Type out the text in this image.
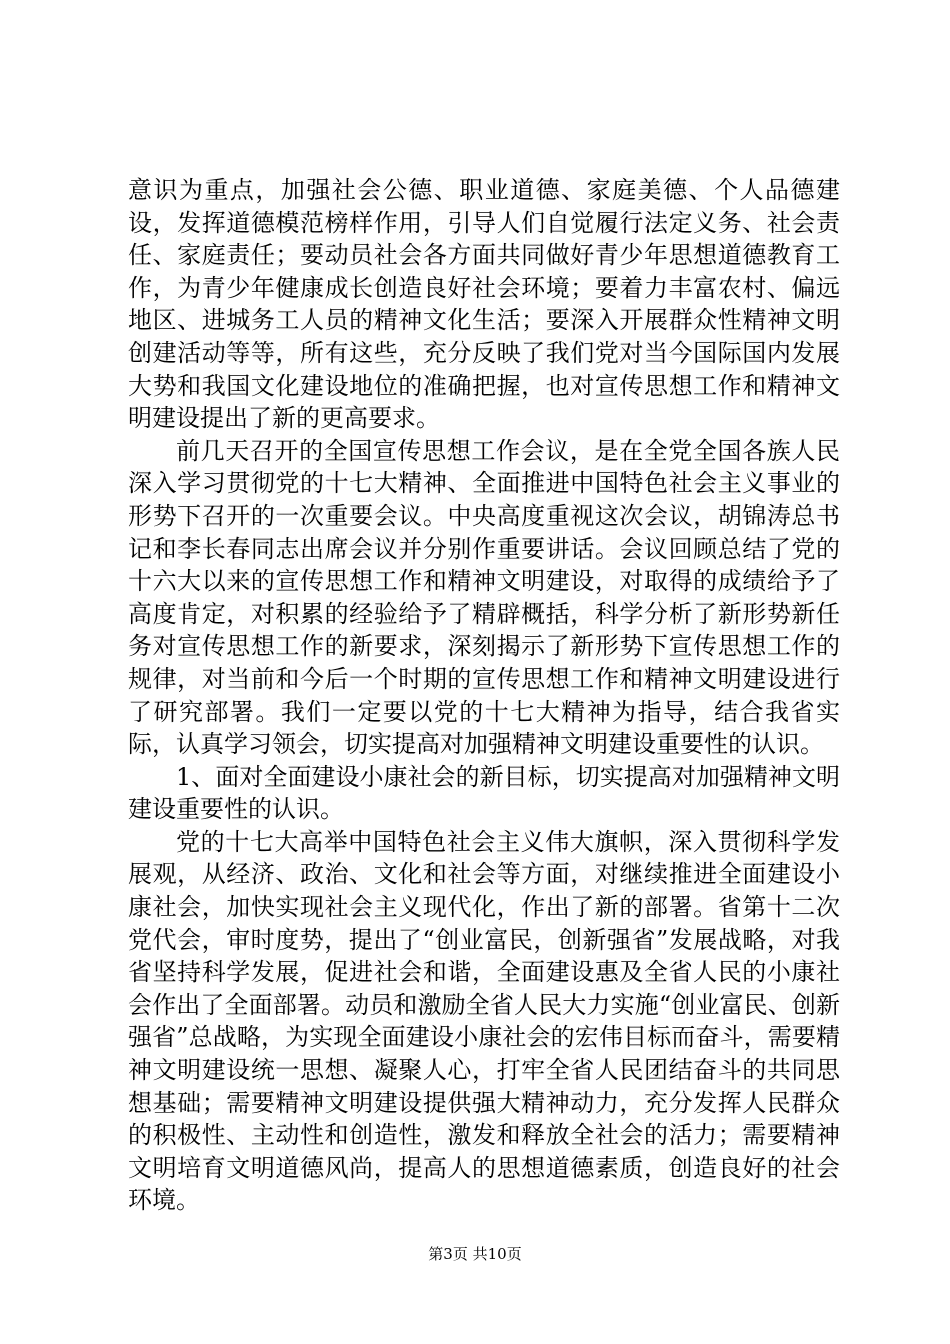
意识为重点，加强社会公德、职业道德、家庭美德、个人品德建设，发挥道德模范榜样作用，引导人们自觉履行法定义务、社会责任、家庭责任；要动员社会各方面共同做好青少年思想道德教育工作，为青少年健康成长创造良好社会环境；要着力丰富农村、偏远地区、进城务工人员的精神文化生活；要深入开展群众性精神文明创建活动等等，所有这些，充分反映了我们党对当今国际国内发展大势和我国文化建设地位的准确把握，也对宣传思想工作和精神文明建设提出了新的更高要求。

前几天召开的全国宣传思想工作会议，是在全党全国各族人民深入学习贯彻党的十七大精神、全面推进中国特色社会主义事业的形势下召开的一次重要会议。中央高度重视这次会议，胡锦涛总书记和李长春同志出席会议并分别作重要讲话。会议回顾总结了党的十六大以来的宣传思想工作和精神文明建设，对取得的成绩给予了高度肯定，对积累的经验给予了精辟概括，科学分析了新形势新任务对宣传思想工作的新要求，深刻揭示了新形势下宣传思想工作的规律，对当前和今后一个时期的宣传思想工作和精神文明建设进行了研究部署。我们一定要以党的十七大精神为指导，结合我省实际，认真学习领会，切实提高对加强精神文明建设重要性的认识。

1、面对全面建设小康社会的新目标，切实提高对加强精神文明建设重要性的认识。

党的十七大高举中国特色社会主义伟大旗帜，深入贯彻科学发展观，从经济、政治、文化和社会等方面，对继续推进全面建设小康社会，加快实现社会主义现代化，作出了新的部署。省第十二次党代会，审时度势，提出了“创业富民，创新强省”发展战略，对我省坚持科学发展，促进社会和谐，全面建设惠及全省人民的小康社会作出了全面部署。动员和激励全省人民大力实施“创业富民、创新强省”总战略，为实现全面建设小康社会的宏伟目标而奋斗，需要精神文明建设统一思想、凝聚人心，打牢全省人民团结奋斗的共同思想基础；需要精神文明建设提供强大精神动力，充分发挥人民群众的积极性、主动性和创造性，激发和释放全社会的活力；需要精神文明培育文明道德风尚，提高人的思想道德素质，创造良好的社会环境。

第3页 共10页
